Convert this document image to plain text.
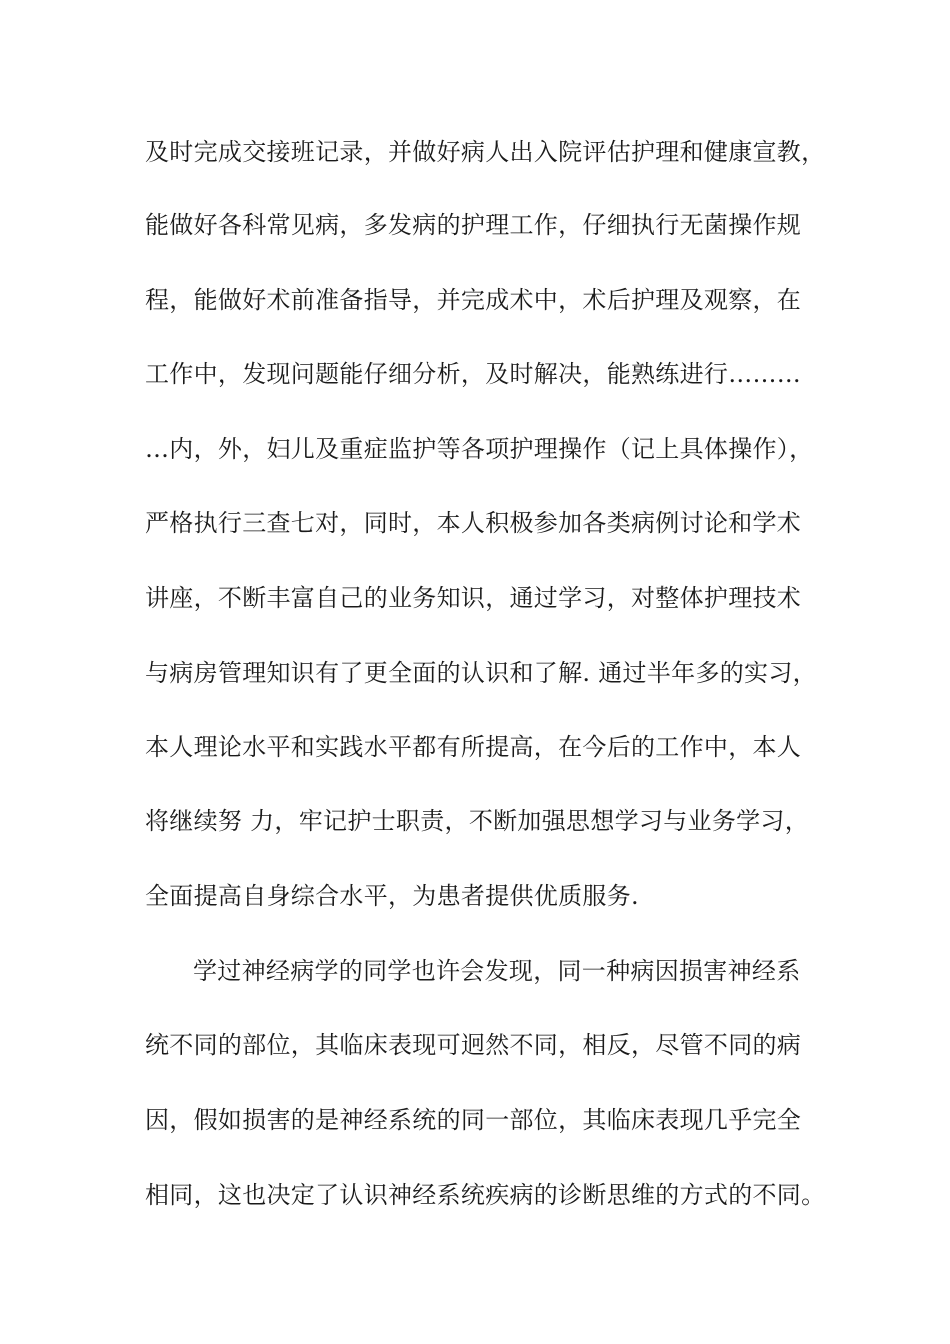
及时完成交接班记录，并做好病人出入院评估护理和健康宣教，
能做好各科常见病，多发病的护理工作，仔细执行无菌操作规
程，能做好术前准备指导，并完成术中，术后护理及观察，在
工作中，发现问题能仔细分析，及时解决，能熟练进行………
…内，外，妇儿及重症监护等各项护理操作（记上具体操作），
严格执行三查七对，同时，本人积极参加各类病例讨论和学术
讲座，不断丰富自己的业务知识，通过学习，对整体护理技术
与病房管理知识有了更全面的认识和了解. 通过半年多的实习，
本人理论水平和实践水平都有所提高，在今后的工作中，本人
将继续努 力，牢记护士职责，不断加强思想学习与业务学习，
全面提高自身综合水平，为患者提供优质服务.
学过神经病学的同学也许会发现，同一种病因损害神经系
统不同的部位，其临床表现可迥然不同，相反，尽管不同的病
因，假如损害的是神经系统的同一部位，其临床表现几乎完全
相同，这也决定了认识神经系统疾病的诊断思维的方式的不同。
